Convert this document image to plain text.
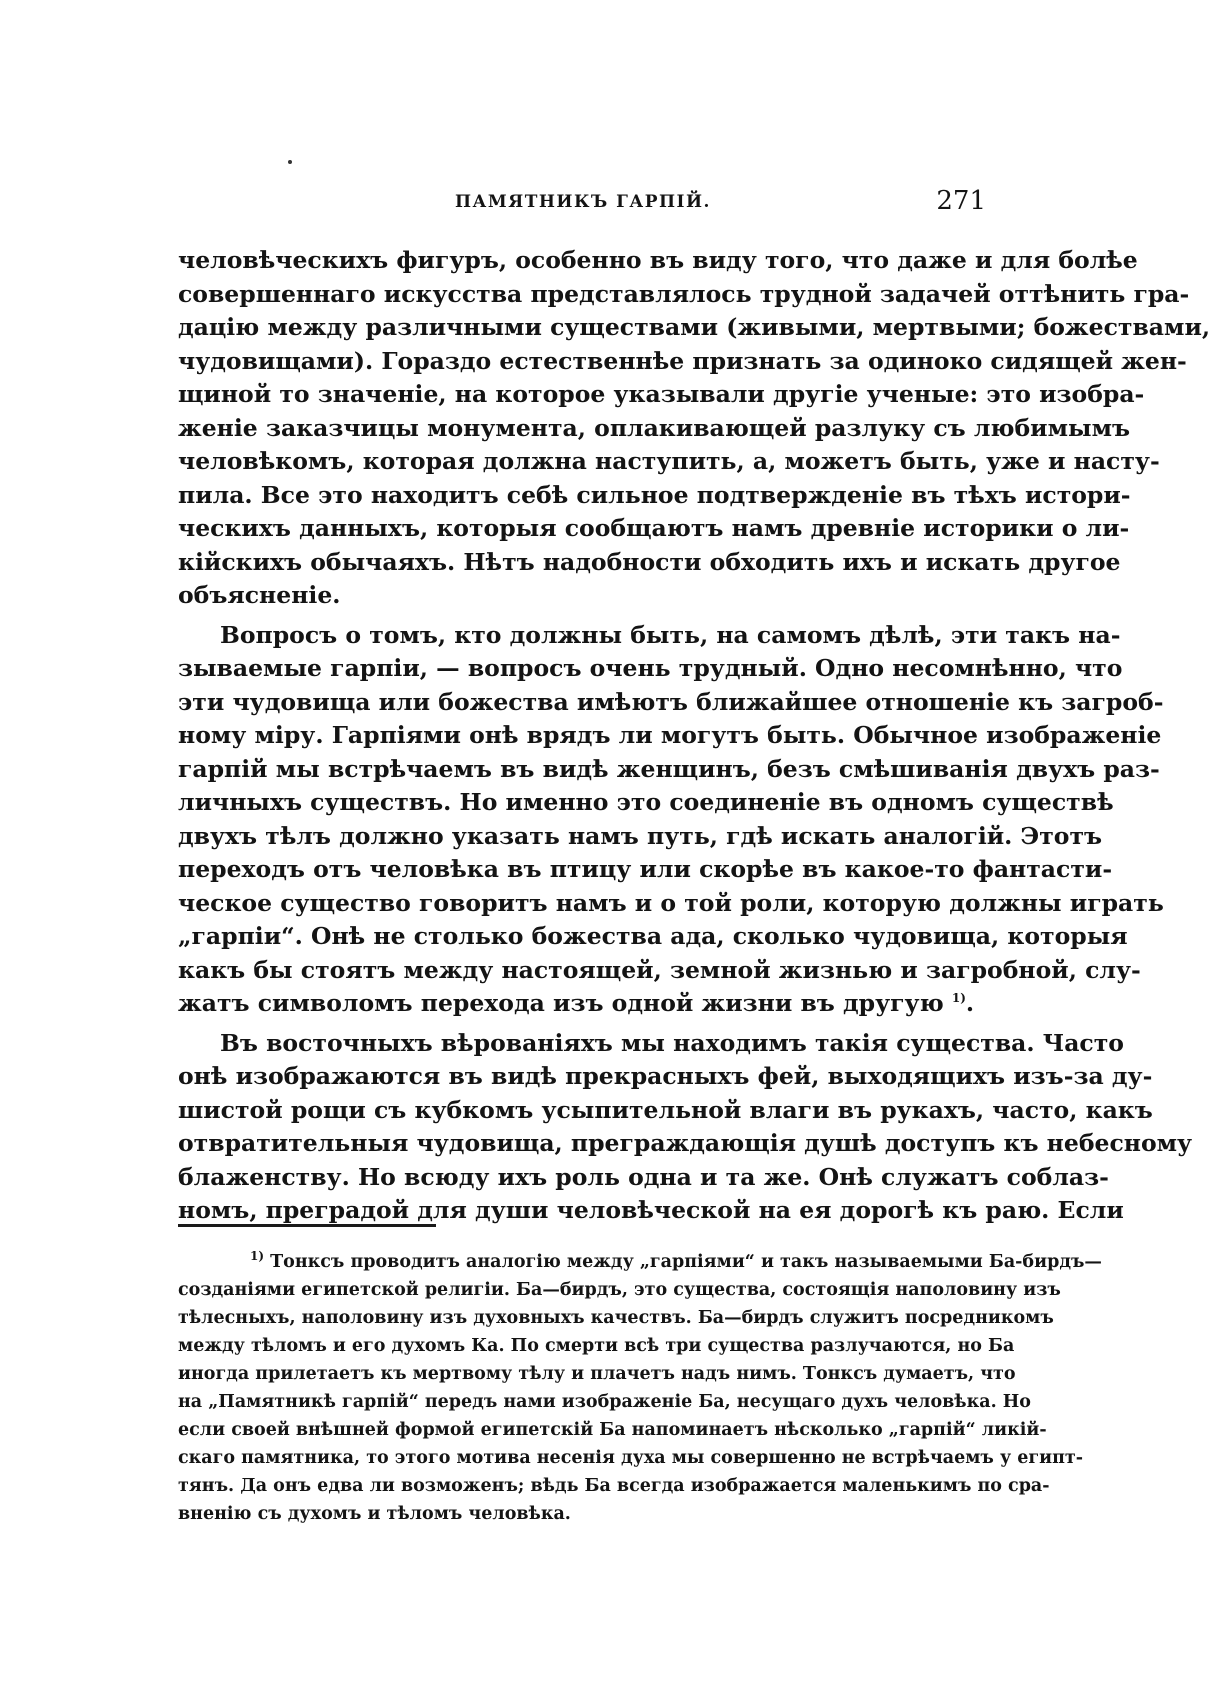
ПАМЯТНИКЪ ГАРПІЙ.	271
человѣческихъ фигуръ, особенно въ виду того, что даже и для болѣе
совершеннаго искусства представлялось трудной задачей оттѣнить гра-
дацію между различными существами (живыми, мертвыми; божествами,
чудовищами). Гораздо естественнѣе признать за одиноко сидящей жен-
щиной то значеніе, на которое указывали другіе ученые: это изобра-
женіе заказчицы монумента, оплакивающей разлуку съ любимымъ
человѣкомъ, которая должна наступить, а, можетъ быть, уже и насту-
пила. Все это находитъ себѣ сильное подтвержденіе въ тѣхъ истори-
ческихъ данныхъ, которыя сообщаютъ намъ древніе историки о ли-
кійскихъ обычаяхъ. Нѣтъ надобности обходить ихъ и искать другое
объясненіе.
Вопросъ о томъ, кто должны быть, на самомъ дѣлѣ, эти такъ на-
зываемые гарпіи, — вопросъ очень трудный. Одно несомнѣнно, что
эти чудовища или божества имѣютъ ближайшее отношеніе къ загроб-
ному міру. Гарпіями онѣ врядъ ли могутъ быть. Обычное изображеніе
гарпій мы встрѣчаемъ въ видѣ женщинъ, безъ смѣшиванія двухъ раз-
личныхъ существъ. Но именно это соединеніе въ одномъ существѣ
двухъ тѣлъ должно указать намъ путь, гдѣ искать аналогій. Этотъ
переходъ отъ человѣка въ птицу или скорѣе въ какое-то фантасти-
ческое существо говоритъ намъ и о той роли, которую должны играть
„гарпіи“. Онѣ не столько божества ада, сколько чудовища, которыя
какъ бы стоятъ между настоящей, земной жизнью и загробной, слу-
жатъ символомъ перехода изъ одной жизни въ другую $^{1)}$.
Въ восточныхъ вѣрованіяхъ мы находимъ такія существа. Часто
онѣ изображаются въ видѣ прекрасныхъ фей, выходящихъ изъ-за ду-
шистой рощи съ кубкомъ усыпительной влаги въ рукахъ, часто, какъ
отвратительныя чудовища, преграждающія душѣ доступъ къ небесному
блаженству. Но всюду ихъ роль одна и та же. Онѣ служатъ соблаз-
номъ, преградой для души человѣческой на ея дорогѣ къ раю. Если
$^{1)}$ Тонксъ проводитъ аналогію между „гарпіями“ и такъ называемыми Ба-бирдъ—
созданіями египетской религіи. Ба—бирдъ, это существа, состоящія наполовину изъ
тѣлесныхъ, наполовину изъ духовныхъ качествъ. Ба—бирдъ служитъ посредникомъ
между тѣломъ и его духомъ Ка. По смерти всѣ три существа разлучаются, но Ба
иногда прилетаетъ къ мертвому тѣлу и плачетъ надъ нимъ. Тонксъ думаетъ, что
на „Памятникѣ гарпій“ передъ нами изображеніе Ба, несущаго духъ человѣка. Но
если своей внѣшней формой египетскій Ба напоминаетъ нѣсколько „гарпій“ ликій-
скаго памятника, то этого мотива несенія духа мы совершенно не встрѣчаемъ у египт-
тянъ. Да онъ едва ли возможенъ; вѣдь Ба всегда изображается маленькимъ по сра-
вненію съ духомъ и тѣломъ человѣка.
